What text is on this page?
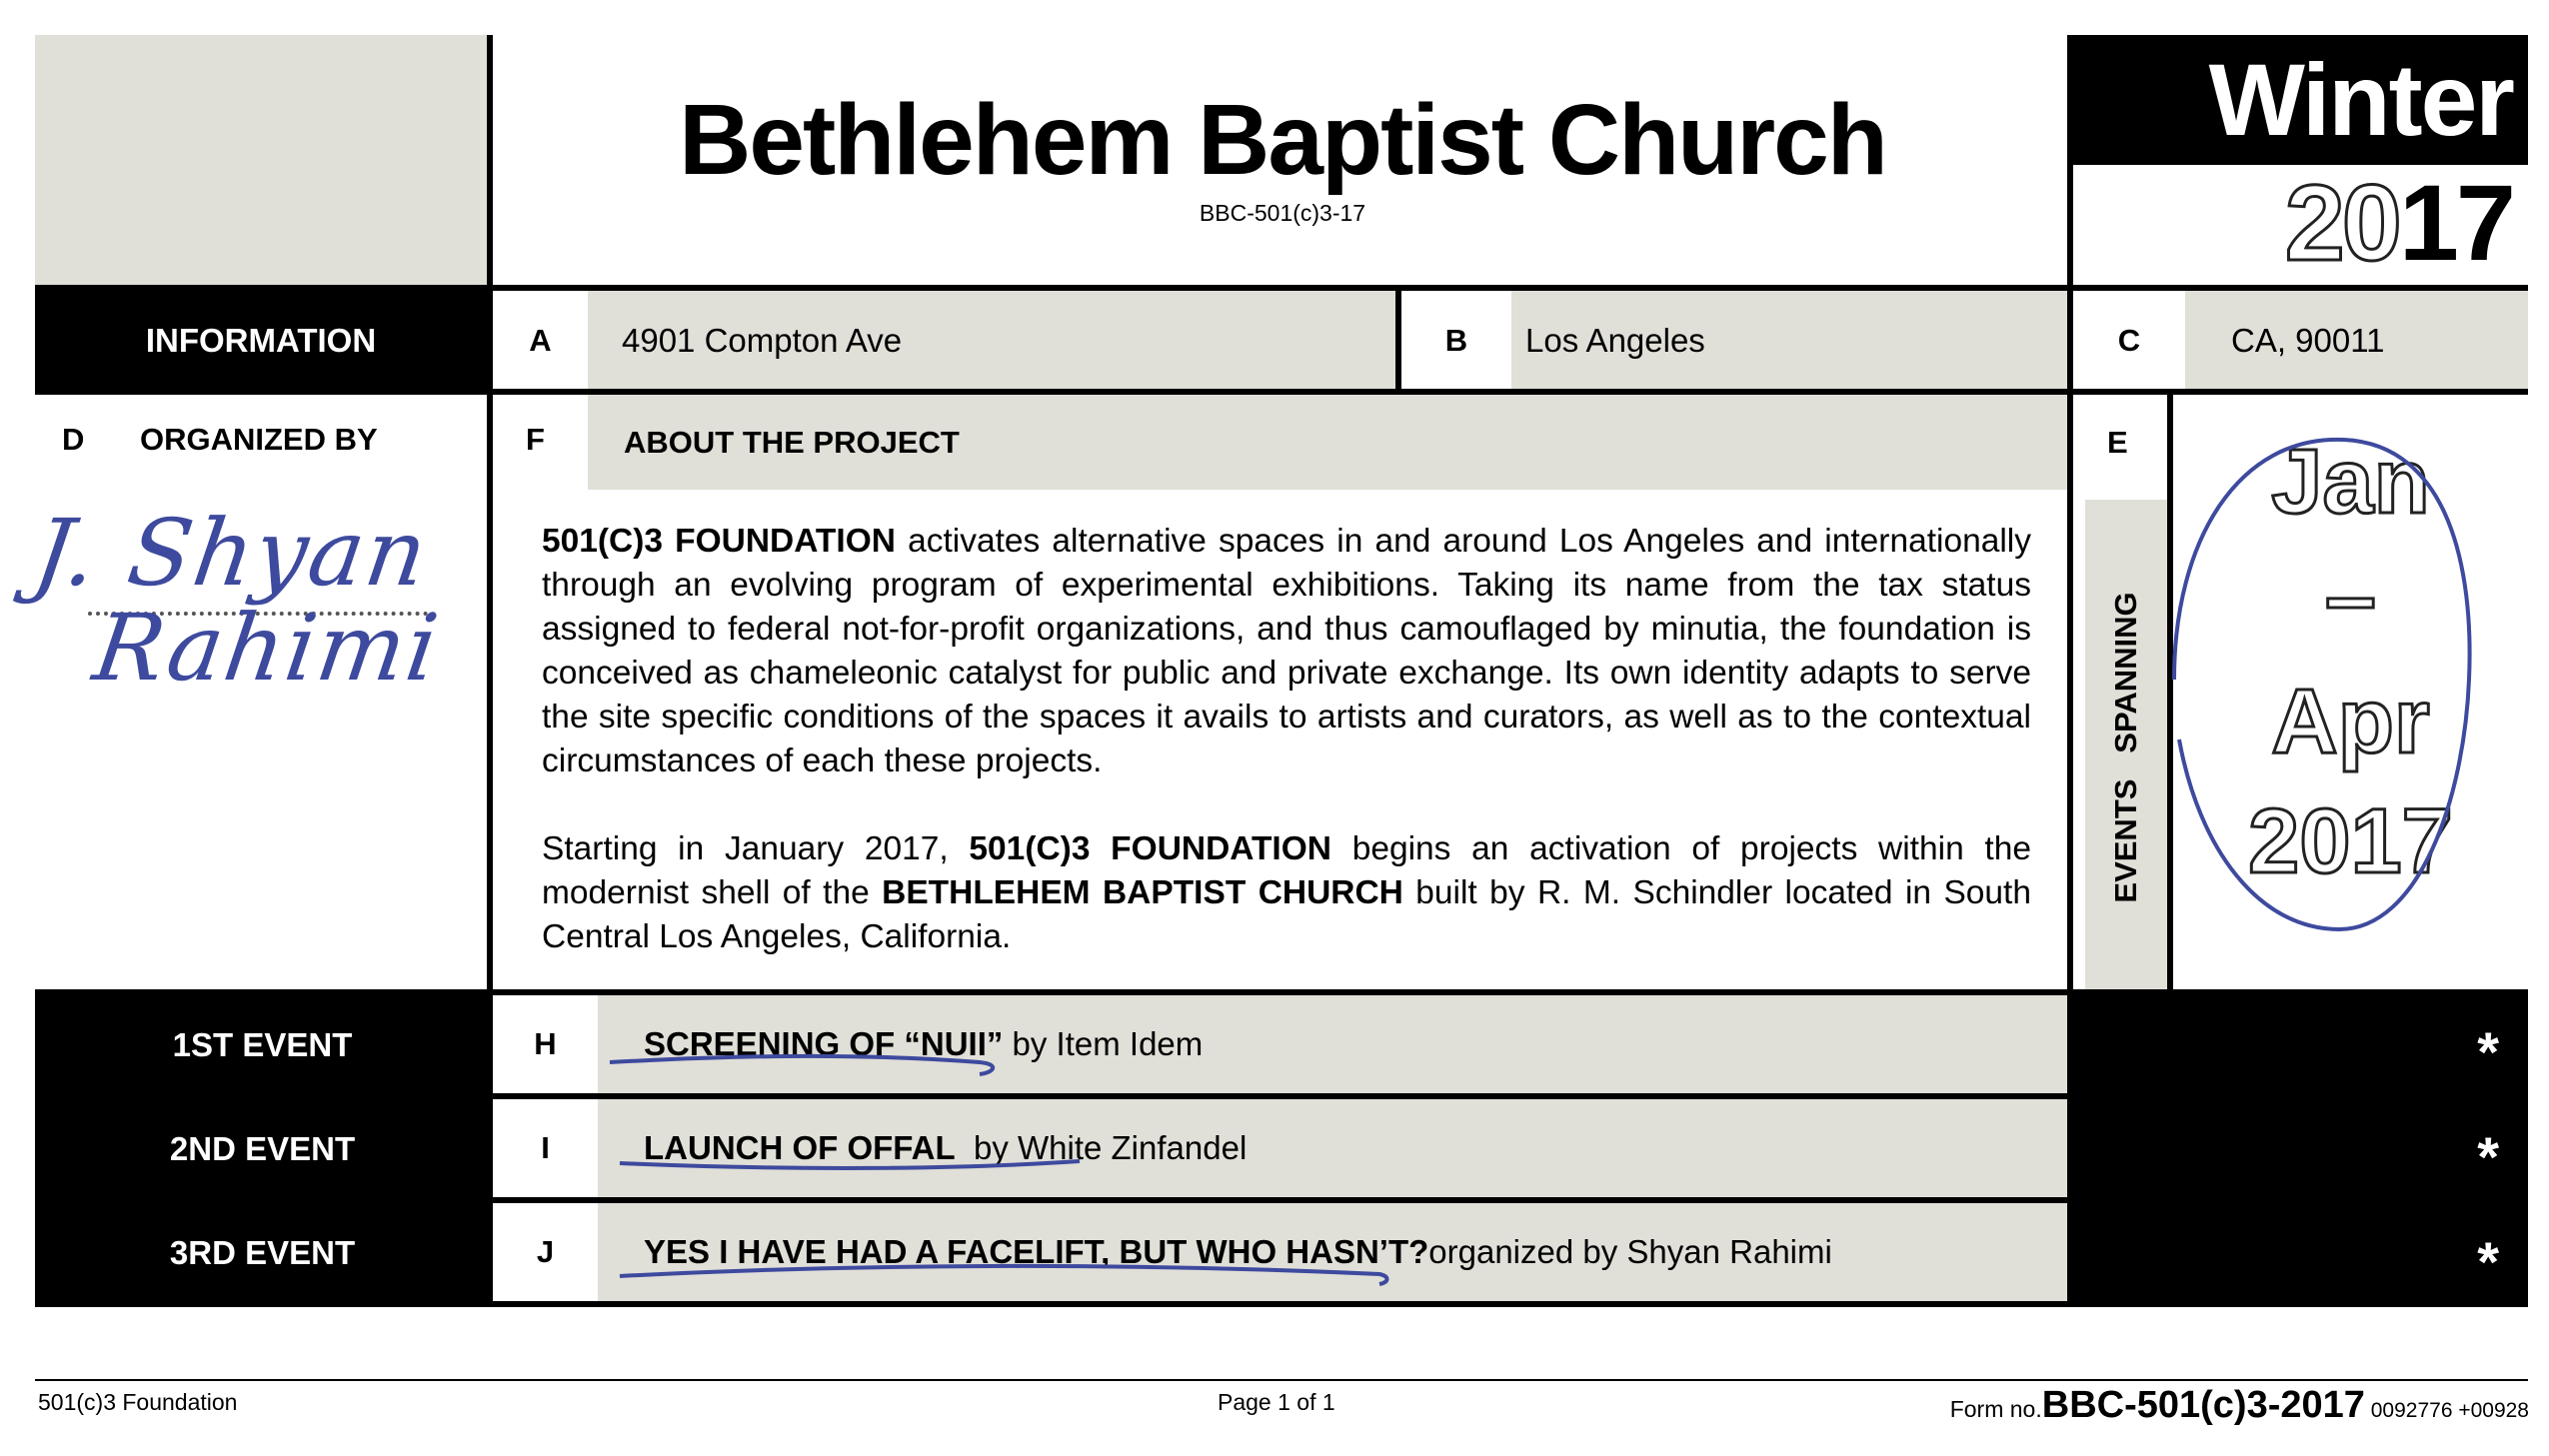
Bethlehem Baptist Church
BBC-501(c)3-17
Winter
2017
INFORMATION	A	4901 Compton Ave	B	Los Angeles	C	CA, 90011
D ORGANIZED BY
J. Shyan
Rahimi
F	ABOUT THE PROJECT

501(C)3 FOUNDATION activates alternative spaces in and around Los Angeles and internationally through an evolving program of experimental exhibitions. Taking its name from the tax status assigned to federal not-for-profit organizations, and thus camouflaged by minutia, the foundation is conceived as chameleonic catalyst for public and private exchange. Its own identity adapts to serve the site specific conditions of the spaces it avails to artists and curators, as well as to the contextual circumstances of each these projects.

Starting in January 2017, 501(C)3 FOUNDATION begins an activation of projects within the modernist shell of the BETHLEHEM BAPTIST CHURCH built by R. M. Schindler located in South Central Los Angeles, California.

E
EVENTS   SPANNING
Jan
–
Apr
2017
1ST EVENT	H	SCREENING OF “NUII” by Item Idem	*
2ND EVENT	I	LAUNCH OF OFFAL by White Zinfandel	*
3RD EVENT	J	YES I HAVE HAD A FACELIFT, BUT WHO HASN’T? organized by Shyan Rahimi	*
501(c)3 Foundation	Page 1 of 1	Form no.BBC-501(c)3-2017 0092776 +00928
